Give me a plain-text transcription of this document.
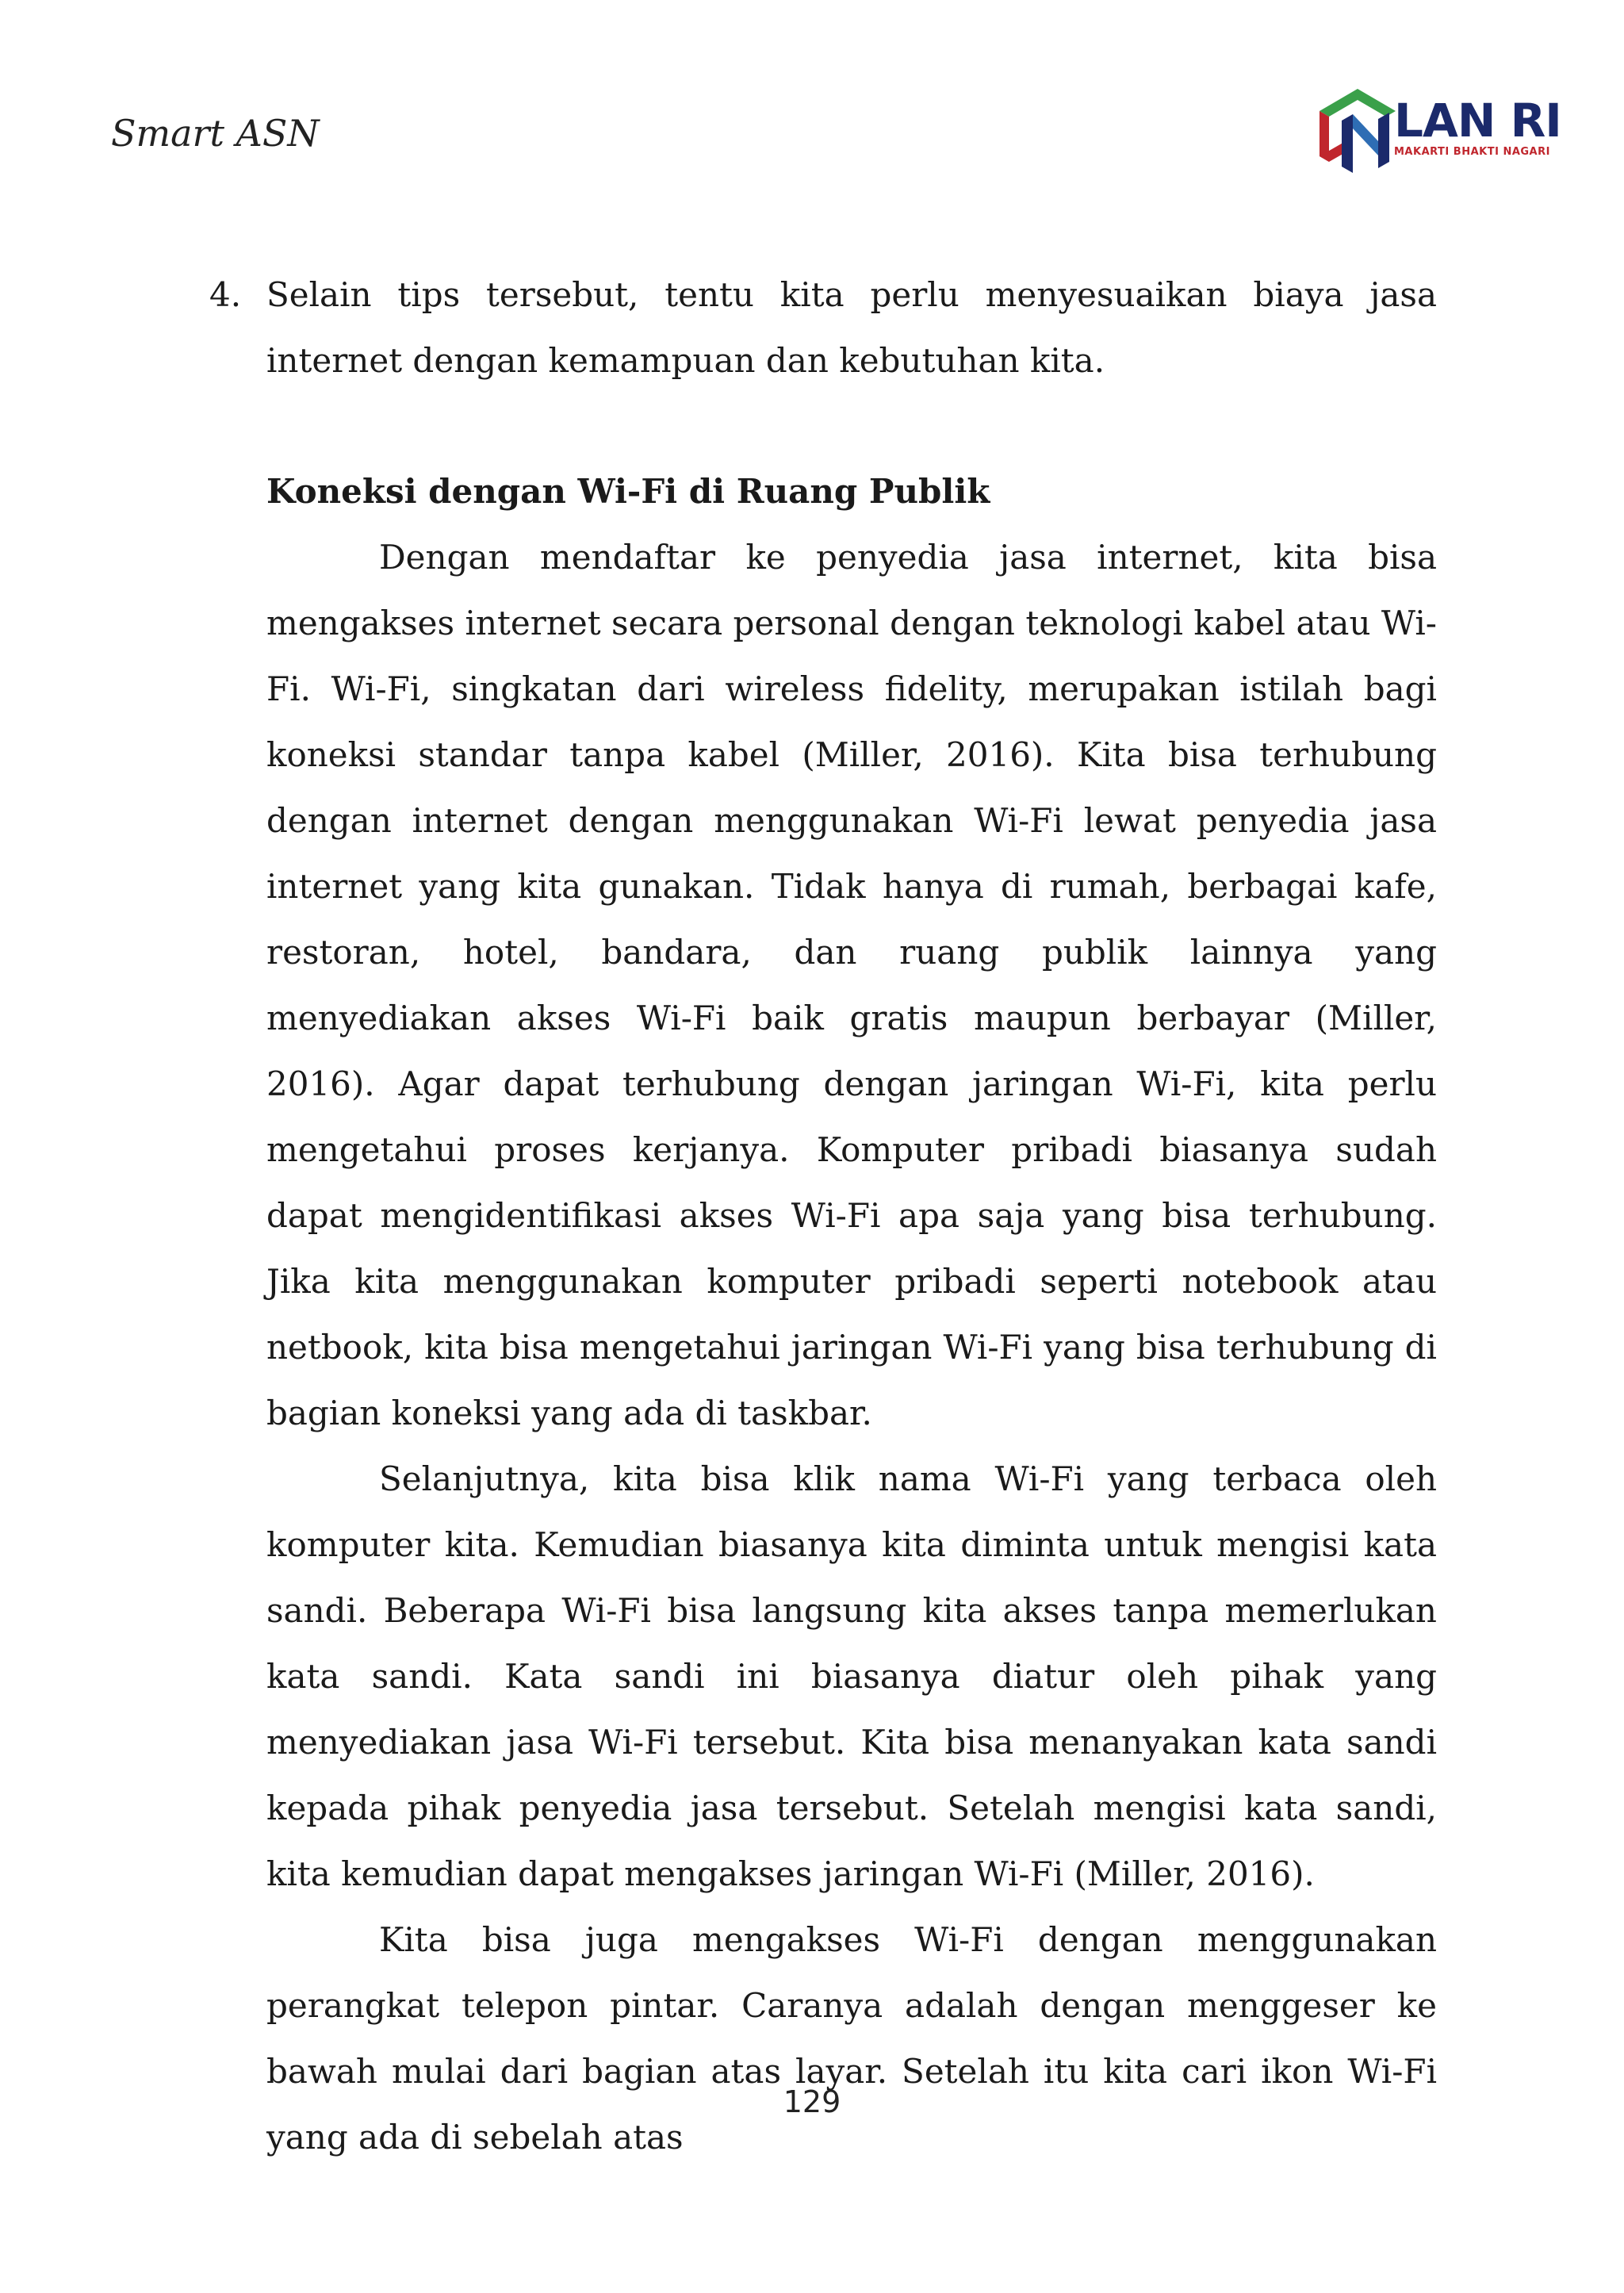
Smart ASN	LAN RI
MAKARTI BHAKTI NAGARI
4. Selain tips tersebut, tentu kita perlu menyesuaikan biaya jasa internet dengan kemampuan dan kebutuhan kita.
Koneksi dengan Wi-Fi di Ruang Publik

Dengan mendaftar ke penyedia jasa internet, kita bisa mengakses internet secara personal dengan teknologi kabel atau Wi-Fi. Wi-Fi, singkatan dari wireless fidelity, merupakan istilah bagi koneksi standar tanpa kabel (Miller, 2016). Kita bisa terhubung dengan internet dengan menggunakan Wi-Fi lewat penyedia jasa internet yang kita gunakan. Tidak hanya di rumah, berbagai kafe, restoran, hotel, bandara, dan ruang publik lainnya yang menyediakan akses Wi-Fi baik gratis maupun berbayar (Miller, 2016). Agar dapat terhubung dengan jaringan Wi-Fi, kita perlu mengetahui proses kerjanya. Komputer pribadi biasanya sudah dapat mengidentifikasi akses Wi-Fi apa saja yang bisa terhubung. Jika kita menggunakan komputer pribadi seperti notebook atau netbook, kita bisa mengetahui jaringan Wi-Fi yang bisa terhubung di bagian koneksi yang ada di taskbar.

Selanjutnya, kita bisa klik nama Wi-Fi yang terbaca oleh komputer kita. Kemudian biasanya kita diminta untuk mengisi kata sandi. Beberapa Wi-Fi bisa langsung kita akses tanpa memerlukan kata sandi. Kata sandi ini biasanya diatur oleh pihak yang menyediakan jasa Wi-Fi tersebut. Kita bisa menanyakan kata sandi kepada pihak penyedia jasa tersebut. Setelah mengisi kata sandi, kita kemudian dapat mengakses jaringan Wi-Fi (Miller, 2016).

Kita bisa juga mengakses Wi-Fi dengan menggunakan perangkat telepon pintar. Caranya adalah dengan menggeser ke bawah mulai dari bagian atas layar. Setelah itu kita cari ikon Wi-Fi yang ada di sebelah atas

129
